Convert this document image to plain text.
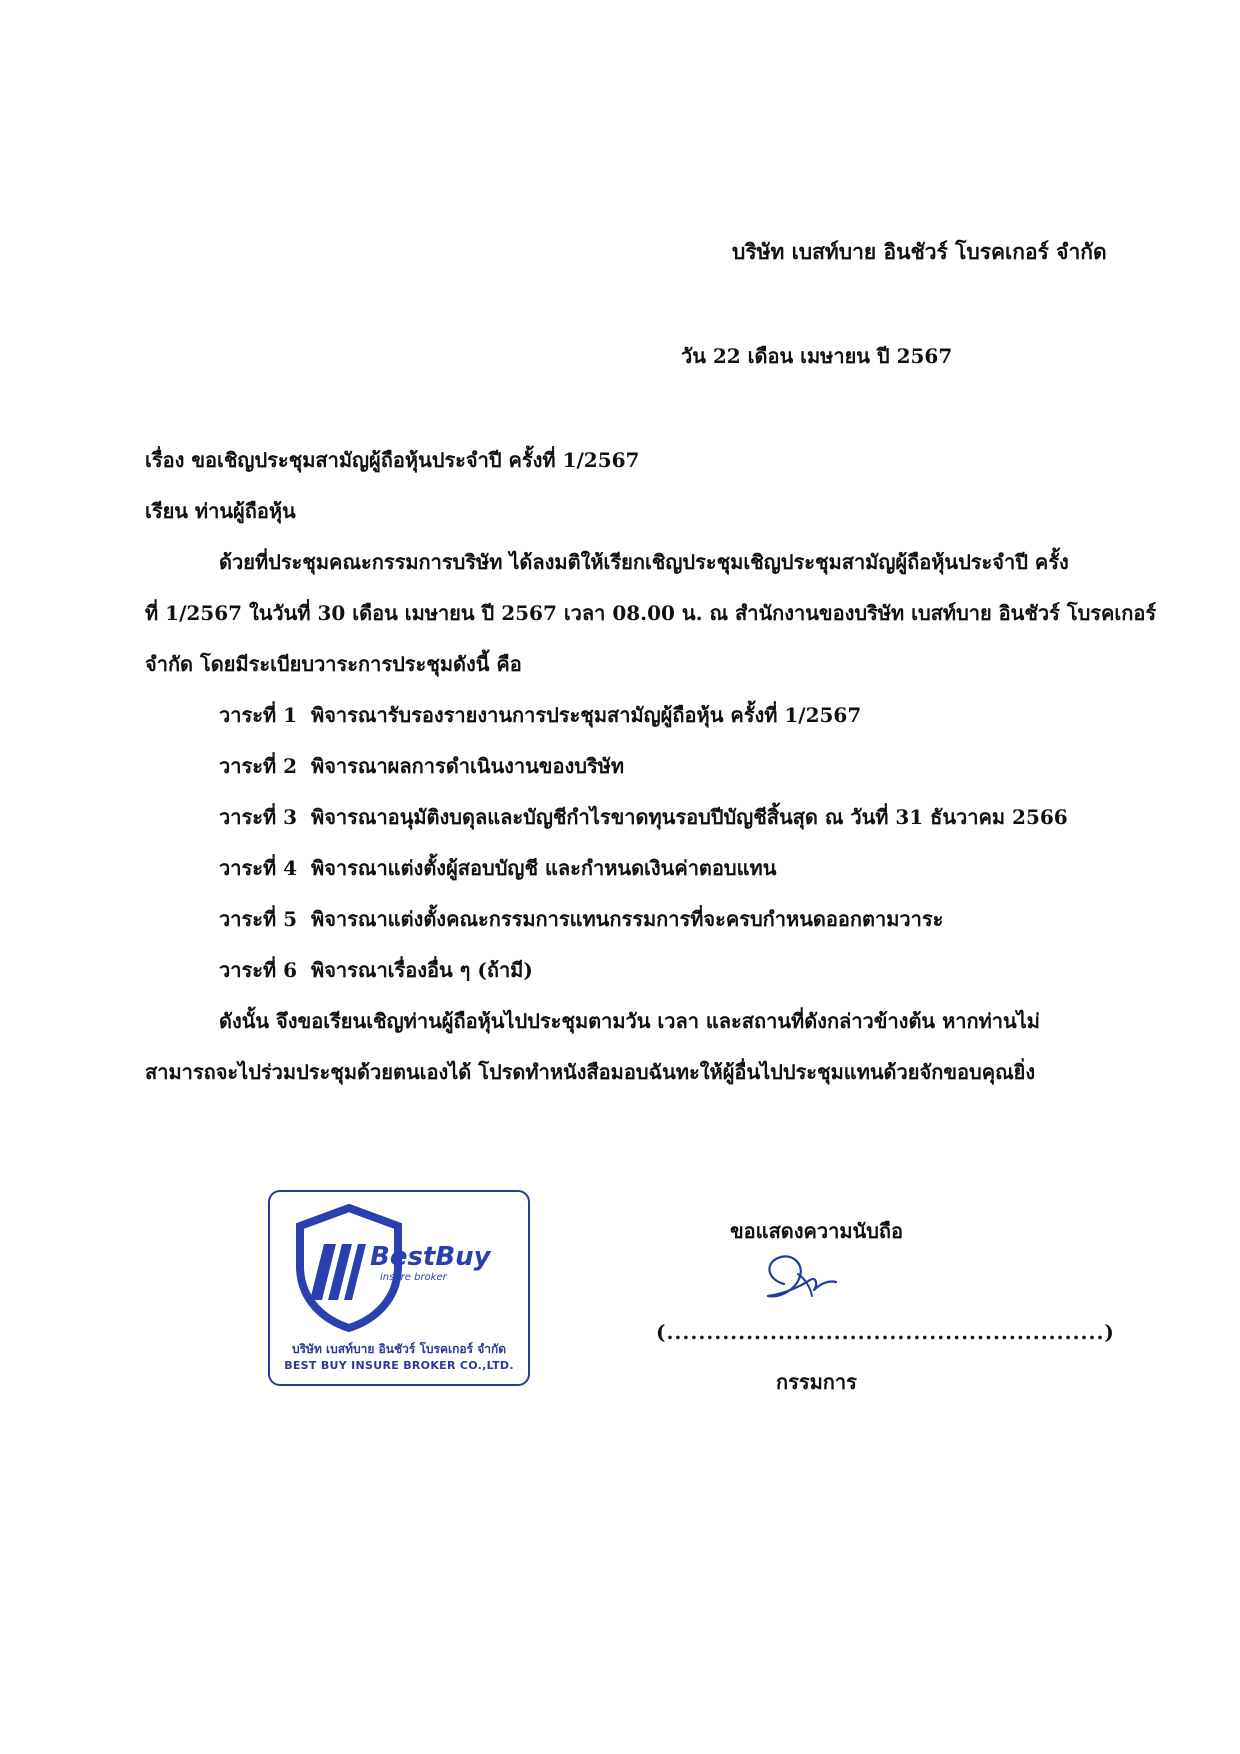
บริษัท เบสท์บาย อินชัวร์ โบรคเกอร์ จำกัด
วัน 22 เดือน เมษายน ปี 2567
เรื่อง ขอเชิญประชุมสามัญผู้ถือหุ้นประจำปี ครั้งที่ 1/2567
เรียน ท่านผู้ถือหุ้น
ด้วยที่ประชุมคณะกรรมการบริษัท ได้ลงมติให้เรียกเชิญประชุมเชิญประชุมสามัญผู้ถือหุ้นประจำปี ครั้ง
ที่ 1/2567 ในวันที่ 30 เดือน เมษายน ปี 2567 เวลา 08.00 น. ณ สำนักงานของบริษัท เบสท์บาย อินชัวร์ โบรคเกอร์
จำกัด โดยมีระเบียบวาระการประชุมดังนี้ คือ
วาระที่ 1 พิจารณารับรองรายงานการประชุมสามัญผู้ถือหุ้น ครั้งที่ 1/2567
วาระที่ 2 พิจารณาผลการดำเนินงานของบริษัท
วาระที่ 3 พิจารณาอนุมัติงบดุลและบัญชีกำไรขาดทุนรอบปีบัญชีสิ้นสุด ณ วันที่ 31 ธันวาคม 2566
วาระที่ 4 พิจารณาแต่งตั้งผู้สอบบัญชี และกำหนดเงินค่าตอบแทน
วาระที่ 5 พิจารณาแต่งตั้งคณะกรรมการแทนกรรมการที่จะครบกำหนดออกตามวาระ
วาระที่ 6 พิจารณาเรื่องอื่น ๆ (ถ้ามี)
ดังนั้น จึงขอเรียนเชิญท่านผู้ถือหุ้นไปประชุมตามวัน เวลา และสถานที่ดังกล่าวข้างต้น หากท่านไม่
สามารถจะไปร่วมประชุมด้วยตนเองได้ โปรดทำหนังสือมอบฉันทะให้ผู้อื่นไปประชุมแทนด้วยจักขอบคุณยิ่ง
BestBuy
insure broker
บริษัท เบสท์บาย อินชัวร์ โบรคเกอร์ จำกัด
BEST BUY INSURE BROKER CO.,LTD.
ขอแสดงความนับถือ
(.......................................................)
กรรมการ
